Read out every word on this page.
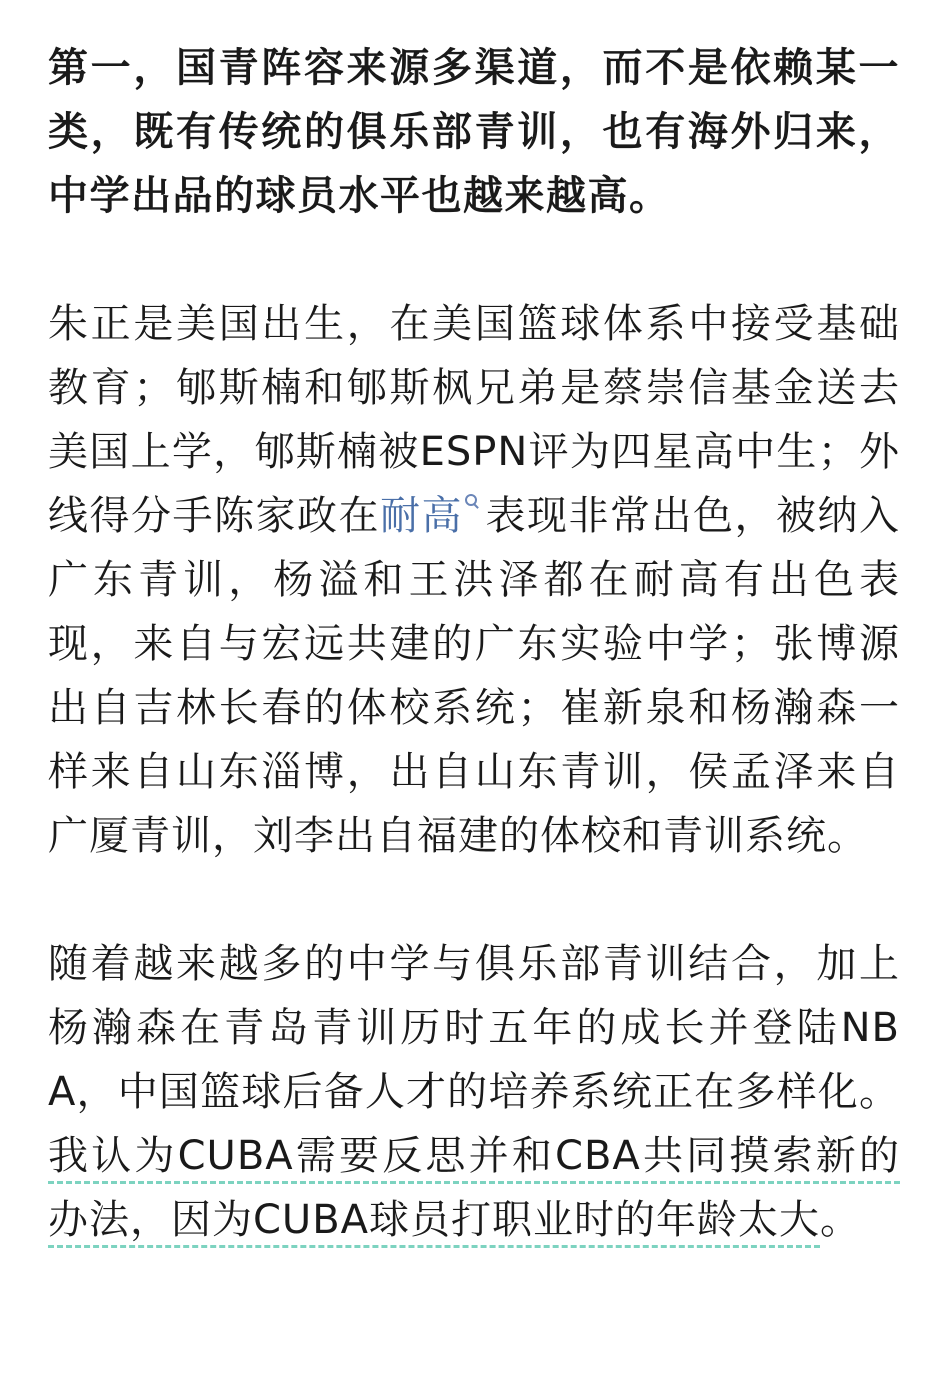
第一，国青阵容来源多渠道，而不是依赖某一类，既有传统的俱乐部青训，也有海外归来，中学出品的球员水平也越来越高。

朱正是美国出生，在美国篮球体系中接受基础教育；郇斯楠和郇斯枫兄弟是蔡崇信基金送去美国上学，郇斯楠被ESPN评为四星高中生；外线得分手陈家政在耐高 表现非常出色，被纳入广东青训，杨溢和王洪泽都在耐高有出色表现，来自与宏远共建的广东实验中学；张博源出自吉林长春的体校系统；崔新泉和杨瀚森一样来自山东淄博，出自山东青训，侯孟泽来自广厦青训，刘李出自福建的体校和青训系统。

随着越来越多的中学与俱乐部青训结合，加上杨瀚森在青岛青训历时五年的成长并登陆NBA，中国篮球后备人才的培养系统正在多样化。我认为CUBA需要反思并和CBA共同摸索新的办法，因为CUBA球员打职业时的年龄太大。
